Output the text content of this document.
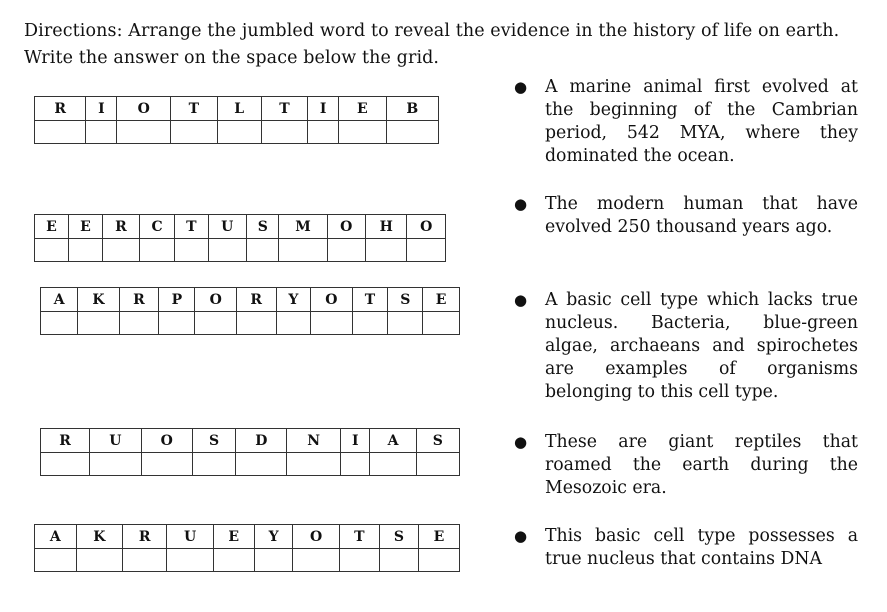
Directions: Arrange the jumbled word to reveal the evidence in the history of life on earth. Write the answer on the space below the grid.
R	I	O	T	L	T	I	E	B

E	E	R	C	T	U	S	M	O	H	O

A	K	R	P	O	R	Y	O	T	S	E

R	U	O	S	D	N	I	A	S

A	K	R	U	E	Y	O	T	S	E

● A marine animal first evolved at the beginning of the Cambrian period, 542 MYA, where they dominated the ocean.
● The modern human that have evolved 250 thousand years ago.
● A basic cell type which lacks true nucleus. Bacteria, blue-green algae, archaeans and spirochetes are examples of organisms belonging to this cell type.
● These are giant reptiles that roamed the earth during the Mesozoic era.
● This basic cell type possesses a true nucleus that contains DNA
